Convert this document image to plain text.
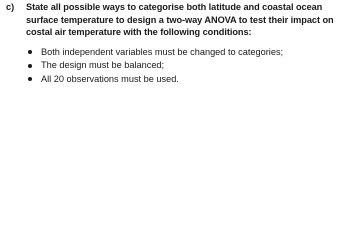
c)	State all possible ways to categorise both latitude and coastal ocean surface temperature to design a two-way ANOVA to test their impact on costal air temperature with the following conditions:
Both independent variables must be changed to categories;
The design must be balanced;
All 20 observations must be used.
